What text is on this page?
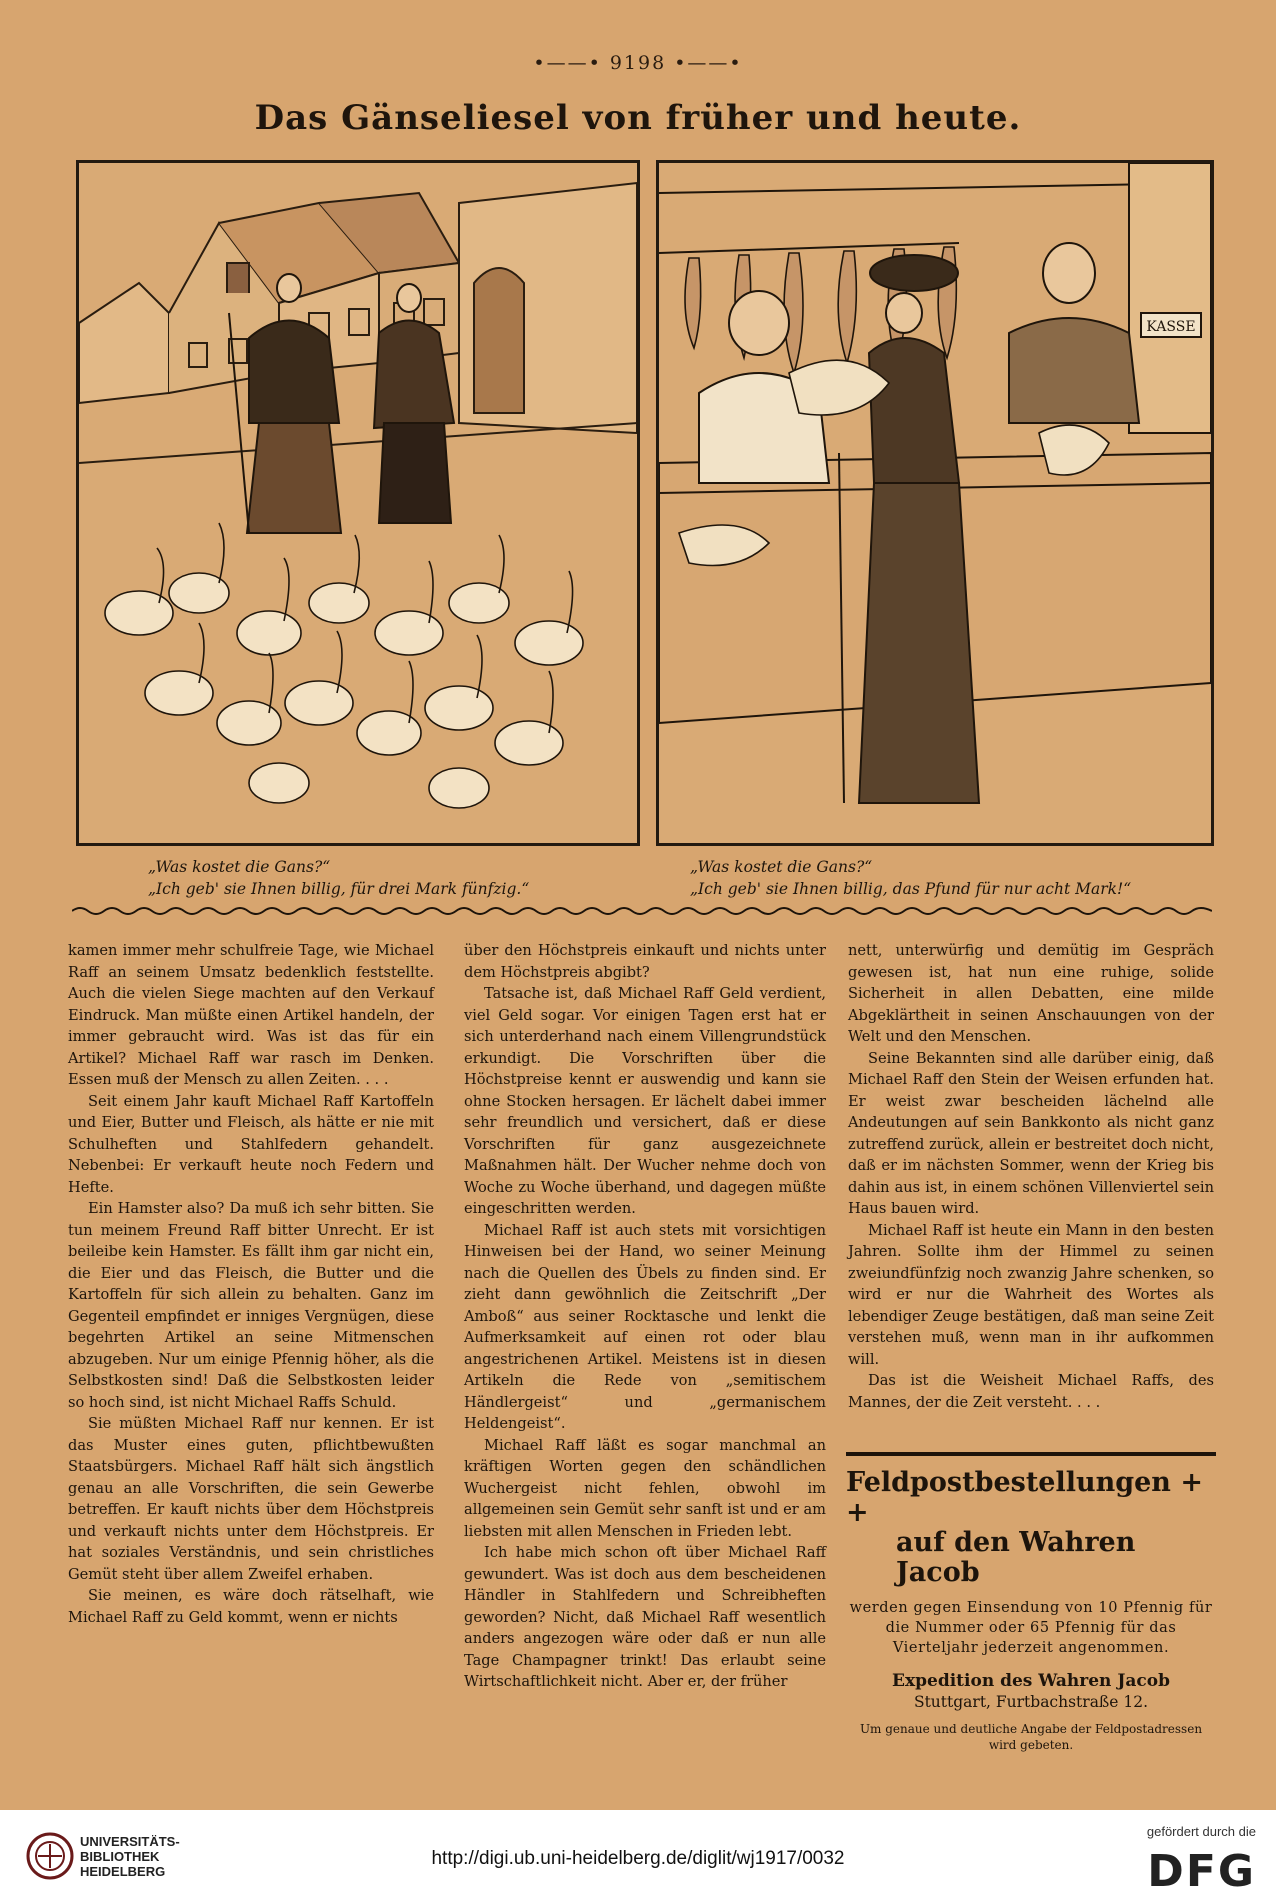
•——• 9198 •——•
Das Gänseliesel von früher und heute.
KASSE
„Was kostet die Gans?“
„Ich geb' sie Ihnen billig, für drei Mark fünfzig.“
„Was kostet die Gans?“
„Ich geb' sie Ihnen billig, das Pfund für nur acht Mark!“

kamen immer mehr schulfreie Tage, wie Michael Raff an seinem Umsatz bedenklich feststellte. Auch die vielen Siege machten auf den Verkauf Eindruck. Man müßte einen Artikel handeln, der immer gebraucht wird. Was ist das für ein Artikel? Michael Raff war rasch im Denken. Essen muß der Mensch zu allen Zeiten. . . .

Seit einem Jahr kauft Michael Raff Kartoffeln und Eier, Butter und Fleisch, als hätte er nie mit Schulheften und Stahlfedern gehandelt. Nebenbei: Er verkauft heute noch Federn und Hefte.

Ein Hamster also? Da muß ich sehr bitten. Sie tun meinem Freund Raff bitter Unrecht. Er ist beileibe kein Hamster. Es fällt ihm gar nicht ein, die Eier und das Fleisch, die Butter und die Kartoffeln für sich allein zu behalten. Ganz im Gegenteil empfindet er inniges Vergnügen, diese begehrten Artikel an seine Mitmenschen abzugeben. Nur um einige Pfennig höher, als die Selbstkosten sind! Daß die Selbstkosten leider so hoch sind, ist nicht Michael Raffs Schuld.

Sie müßten Michael Raff nur kennen. Er ist das Muster eines guten, pflichtbewußten Staatsbürgers. Michael Raff hält sich ängstlich genau an alle Vorschriften, die sein Gewerbe betreffen. Er kauft nichts über dem Höchstpreis und verkauft nichts unter dem Höchstpreis. Er hat soziales Verständnis, und sein christliches Gemüt steht über allem Zweifel erhaben.

Sie meinen, es wäre doch rätselhaft, wie Michael Raff zu Geld kommt, wenn er nichts

über den Höchstpreis einkauft und nichts unter dem Höchstpreis abgibt?

Tatsache ist, daß Michael Raff Geld verdient, viel Geld sogar. Vor einigen Tagen erst hat er sich unterderhand nach einem Villengrundstück erkundigt. Die Vorschriften über die Höchstpreise kennt er auswendig und kann sie ohne Stocken hersagen. Er lächelt dabei immer sehr freundlich und versichert, daß er diese Vorschriften für ganz ausgezeichnete Maßnahmen hält. Der Wucher nehme doch von Woche zu Woche überhand, und dagegen müßte eingeschritten werden.

Michael Raff ist auch stets mit vorsichtigen Hinweisen bei der Hand, wo seiner Meinung nach die Quellen des Übels zu finden sind. Er zieht dann gewöhnlich die Zeitschrift „Der Amboß“ aus seiner Rocktasche und lenkt die Aufmerksamkeit auf einen rot oder blau angestrichenen Artikel. Meistens ist in diesen Artikeln die Rede von „semitischem Händlergeist“ und „germanischem Heldengeist“.

Michael Raff läßt es sogar manchmal an kräftigen Worten gegen den schändlichen Wuchergeist nicht fehlen, obwohl im allgemeinen sein Gemüt sehr sanft ist und er am liebsten mit allen Menschen in Frieden lebt.

Ich habe mich schon oft über Michael Raff gewundert. Was ist doch aus dem bescheidenen Händler in Stahlfedern und Schreibheften geworden? Nicht, daß Michael Raff wesentlich anders angezogen wäre oder daß er nun alle Tage Champagner trinkt! Das erlaubt seine Wirtschaftlichkeit nicht. Aber er, der früher

nett, unterwürfig und demütig im Gespräch gewesen ist, hat nun eine ruhige, solide Sicherheit in allen Debatten, eine milde Abgeklärtheit in seinen Anschauungen von der Welt und den Menschen.

Seine Bekannten sind alle darüber einig, daß Michael Raff den Stein der Weisen erfunden hat. Er weist zwar bescheiden lächelnd alle Andeutungen auf sein Bankkonto als nicht ganz zutreffend zurück, allein er bestreitet doch nicht, daß er im nächsten Sommer, wenn der Krieg bis dahin aus ist, in einem schönen Villenviertel sein Haus bauen wird.

Michael Raff ist heute ein Mann in den besten Jahren. Sollte ihm der Himmel zu seinen zweiundfünfzig noch zwanzig Jahre schenken, so wird er nur die Wahrheit des Wortes als lebendiger Zeuge bestätigen, daß man seine Zeit verstehen muß, wenn man in ihr aufkommen will.

Das ist die Weisheit Michael Raffs, des Mannes, der die Zeit versteht. . . .

Feldpostbestellungen + +
auf den Wahren Jacob
werden gegen Einsendung von 10 Pfennig für die Nummer oder 65 Pfennig für das Vierteljahr jederzeit angenommen.
Expedition des Wahren Jacob
Stuttgart, Furtbachstraße 12.
Um genaue und deutliche Angabe der Feldpostadressen wird gebeten.
UNIVERSITÄTS-
BIBLIOTHEK
HEIDELBERG
http://digi.ub.uni-heidelberg.de/diglit/wj1917/0032
gefördert durch die
DFG
